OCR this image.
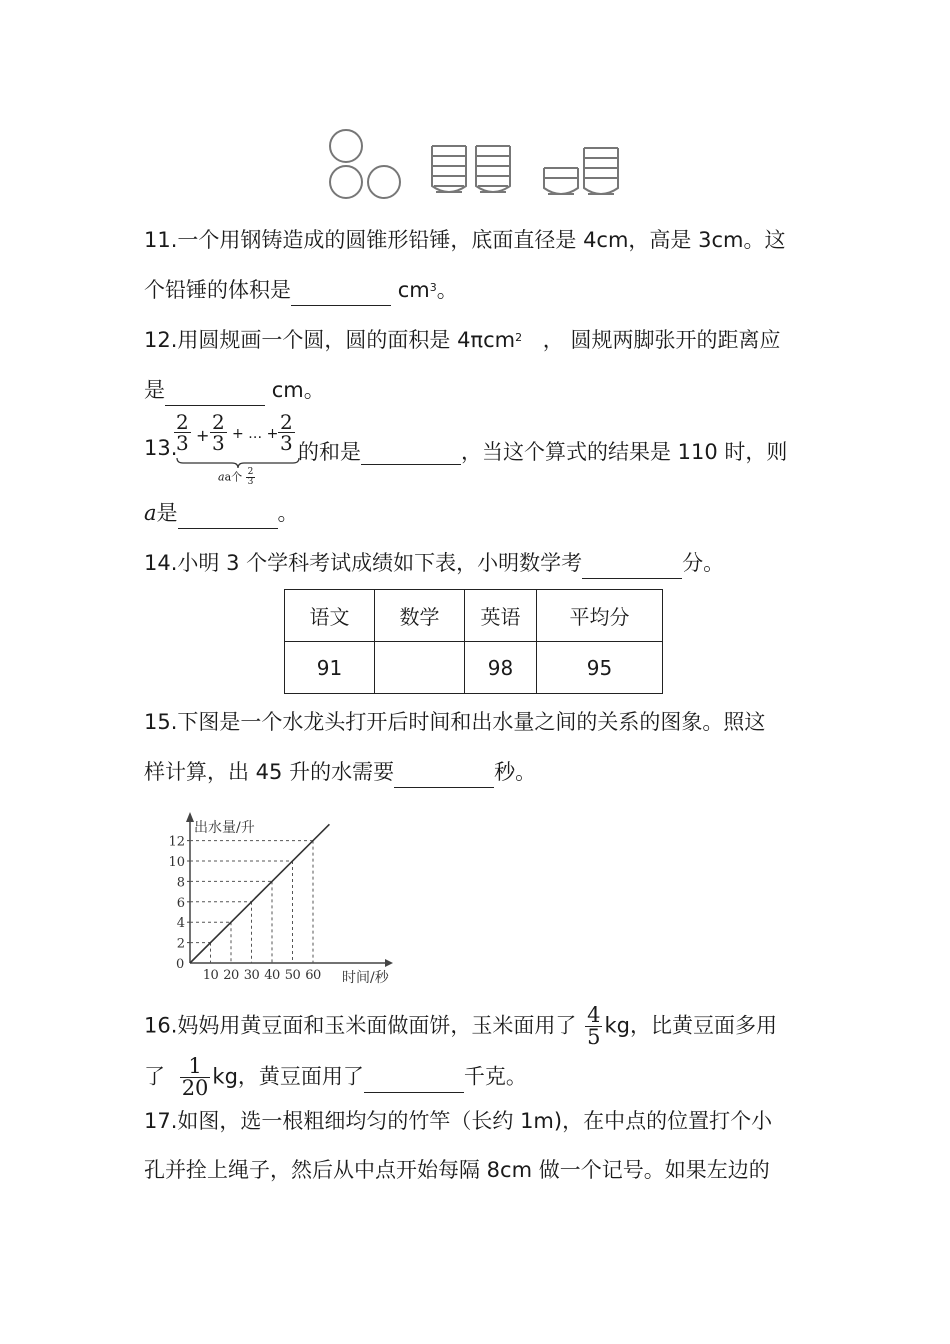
11.一个用钢铸造成的圆锥形铅锤，底面直径是 4cm，高是 3cm。这
个铅锤的体积是	$cm^3$。
12.用圆规画一个圆，圆的面积是 4πcm$^2$ ， 圆规两脚张开的距离应
是	cm。
13.
$\frac{2}{3} + \frac{2}{3}$ + … + $\frac{2}{3}$
aa个 $\frac{2}{3}$
的和是	，当这个算式的结果是 110 时，则
a是	。
14.小明 3 个学科考试成绩如下表，小明数学考	分。
语文	数学	英语	平均分
91		98	95
15.下图是一个水龙头打开后时间和出水量之间的关系的图象。照这
样计算，出 45 升的水需要	秒。
出水量/升
时间/秒
0
2
4
6
8
10
12
10 20 30 40 50 60
16.妈妈用黄豆面和玉米面做面饼，玉米面用了 $\frac{4}{5}$ kg，比黄豆面多用
了 $\frac{1}{20}$ kg，黄豆面用了	千克。
17.如图，选一根粗细均匀的竹竿（长约 1m)，在中点的位置打个小
孔并拴上绳子，然后从中点开始每隔 8cm 做一个记号。如果左边的
